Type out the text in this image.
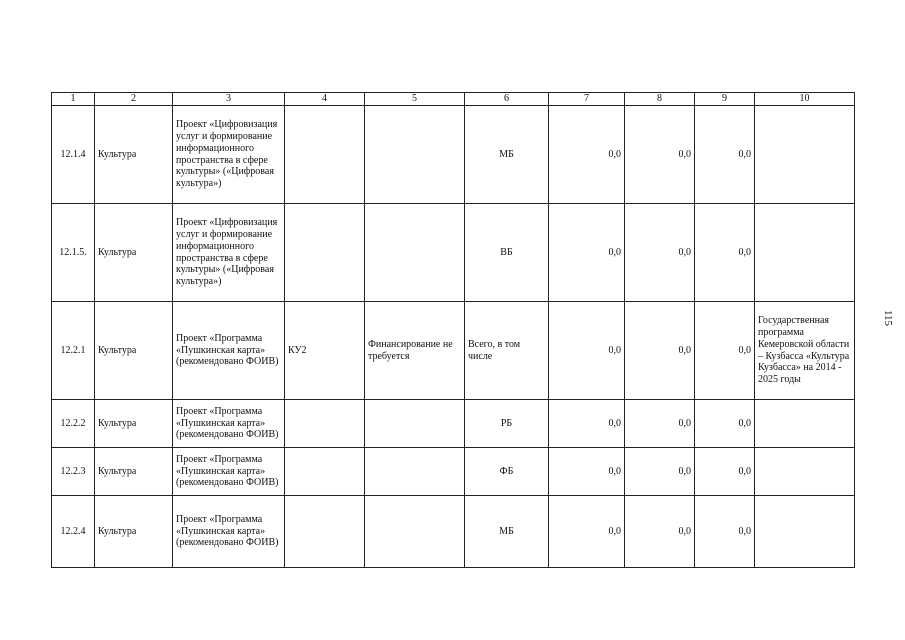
1	2	3	4	5	6	7	8	9	10
12.1.4	Культура	Проект «Цифровизация услуг и формирование информационного пространства в сфере культуры» («Цифровая культура»)			МБ	0,0	0,0	0,0	
12.1.5.	Культура	Проект «Цифровизация услуг и формирование информационного пространства в сфере культуры» («Цифровая культура»)			ВБ	0,0	0,0	0,0	
12.2.1	Культура	Проект «Программа «Пушкинская карта» (рекомендовано ФОИВ)	КУ2	Финансирование не требуется	Всего, в том числе	0,0	0,0	0,0	Государственная программа Кемеровской области – Кузбасса «Культура Кузбасса» на 2014 - 2025 годы
12.2.2	Культура	Проект «Программа «Пушкинская карта» (рекомендовано ФОИВ)			РБ	0,0	0,0	0,0	
12.2.3	Культура	Проект «Программа «Пушкинская карта» (рекомендовано ФОИВ)			ФБ	0,0	0,0	0,0	
12.2.4	Культура	Проект «Программа «Пушкинская карта» (рекомендовано ФОИВ)			МБ	0,0	0,0	0,0	
115
